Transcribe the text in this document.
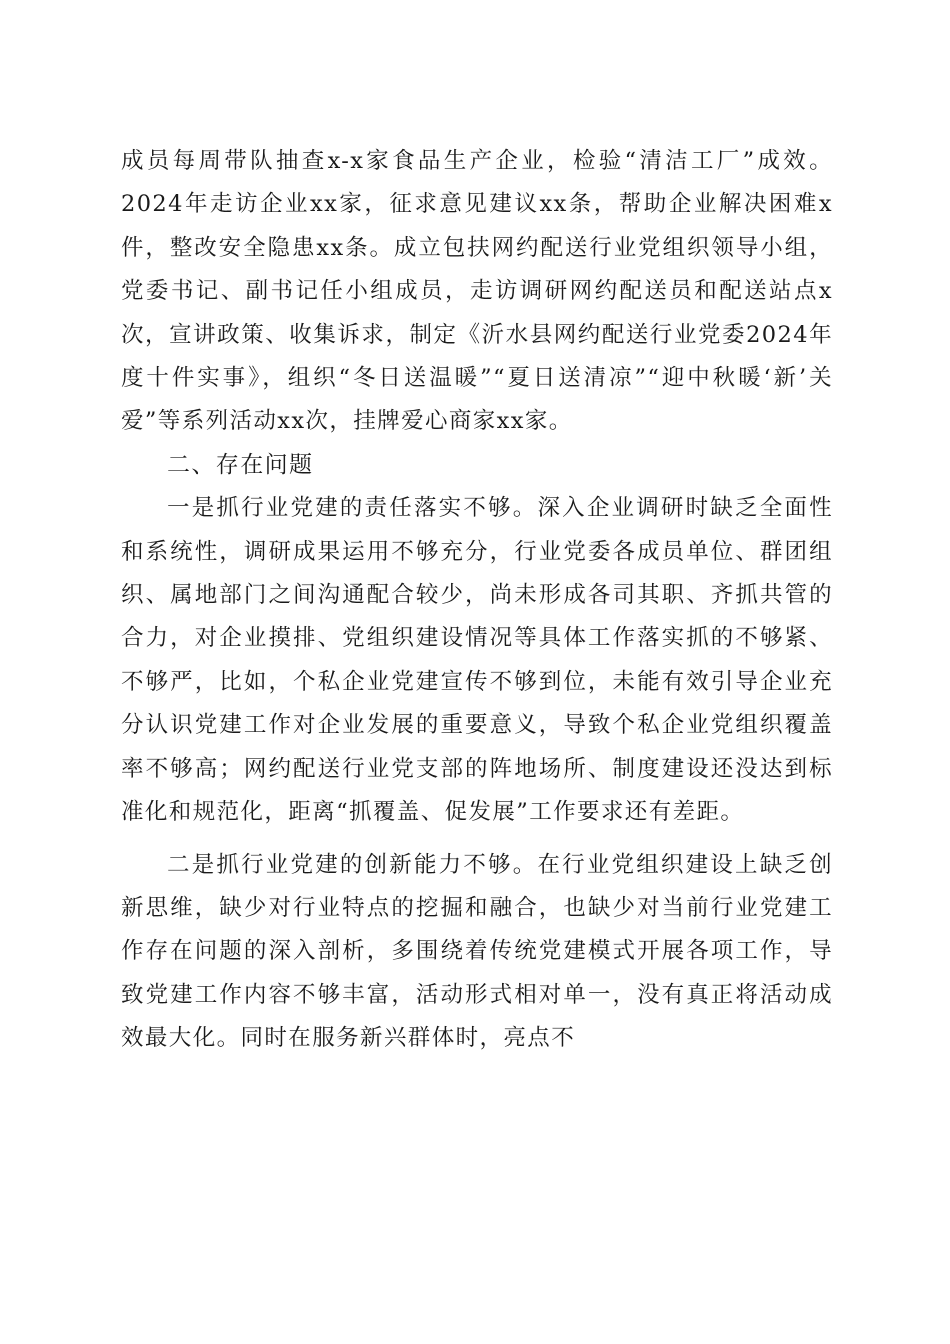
成员每周带队抽查x-x家食品生产企业，检验“清洁工厂”成效。2024年走访企业xx家，征求意见建议xx条，帮助企业解决困难x件，整改安全隐患xx条。成立包扶网约配送行业党组织领导小组，党委书记、副书记任小组成员，走访调研网约配送员和配送站点x次，宣讲政策、收集诉求，制定《沂水县网约配送行业党委2024年度十件实事》，组织“冬日送温暖”“夏日送清凉”“迎中秋暖‘新’关爱”等系列活动xx次，挂牌爱心商家xx家。

二、存在问题

一是抓行业党建的责任落实不够。深入企业调研时缺乏全面性和系统性，调研成果运用不够充分，行业党委各成员单位、群团组织、属地部门之间沟通配合较少，尚未形成各司其职、齐抓共管的合力，对企业摸排、党组织建设情况等具体工作落实抓的不够紧、不够严，比如，个私企业党建宣传不够到位，未能有效引导企业充分认识党建工作对企业发展的重要意义，导致个私企业党组织覆盖率不够高；网约配送行业党支部的阵地场所、制度建设还没达到标准化和规范化，距离“抓覆盖、促发展”工作要求还有差距。

二是抓行业党建的创新能力不够。在行业党组织建设上缺乏创新思维，缺少对行业特点的挖掘和融合，也缺少对当前行业党建工作存在问题的深入剖析，多围绕着传统党建模式开展各项工作，导致党建工作内容不够丰富，活动形式相对单一，没有真正将活动成效最大化。同时在服务新兴群体时，亮点不
